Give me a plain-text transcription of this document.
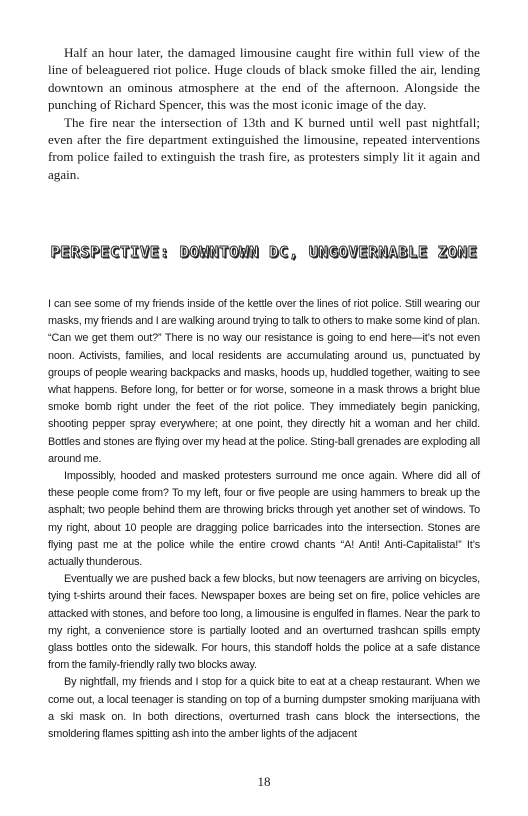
Half an hour later, the damaged limousine caught fire within full view of the line of beleaguered riot police. Huge clouds of black smoke filled the air, lending downtown an ominous atmosphere at the end of the afternoon. Alongside the punching of Richard Spencer, this was the most iconic image of the day.

The fire near the intersection of 13th and K burned until well past nightfall; even after the fire department extinguished the limousine, repeated interventions from police failed to extinguish the trash fire, as protesters simply lit it again and again.

PERSPECTIVE: DOWNTOWN DC, UNGOVERNABLE ZONE

I can see some of my friends inside of the kettle over the lines of riot police. Still wearing our masks, my friends and I are walking around trying to talk to others to make some kind of plan. “Can we get them out?” There is no way our resistance is going to end here—it’s not even noon. Activists, families, and local residents are accumulating around us, punctuated by groups of people wearing backpacks and masks, hoods up, huddled together, waiting to see what happens. Before long, for better or for worse, someone in a mask throws a bright blue smoke bomb right under the feet of the riot police. They immediately begin panicking, shooting pepper spray everywhere; at one point, they directly hit a woman and her child. Bottles and stones are flying over my head at the police. Sting-ball grenades are exploding all around me.

Impossibly, hooded and masked protesters surround me once again. Where did all of these people come from? To my left, four or five people are using hammers to break up the asphalt; two people behind them are throwing bricks through yet another set of windows. To my right, about 10 people are dragging police barricades into the intersection. Stones are flying past me at the police while the entire crowd chants “A! Anti! Anti-Capitalista!” It’s actually thunderous.

Eventually we are pushed back a few blocks, but now teenagers are arriving on bicycles, tying t-shirts around their faces. Newspaper boxes are being set on fire, police vehicles are attacked with stones, and before too long, a limousine is engulfed in flames. Near the park to my right, a convenience store is partially looted and an overturned trashcan spills empty glass bottles onto the sidewalk. For hours, this standoff holds the police at a safe distance from the family-friendly rally two blocks away.

By nightfall, my friends and I stop for a quick bite to eat at a cheap restaurant. When we come out, a local teenager is standing on top of a burning dumpster smoking marijuana with a ski mask on. In both directions, overturned trash cans block the intersections, the smoldering flames spitting ash into the amber lights of the adjacent

18
